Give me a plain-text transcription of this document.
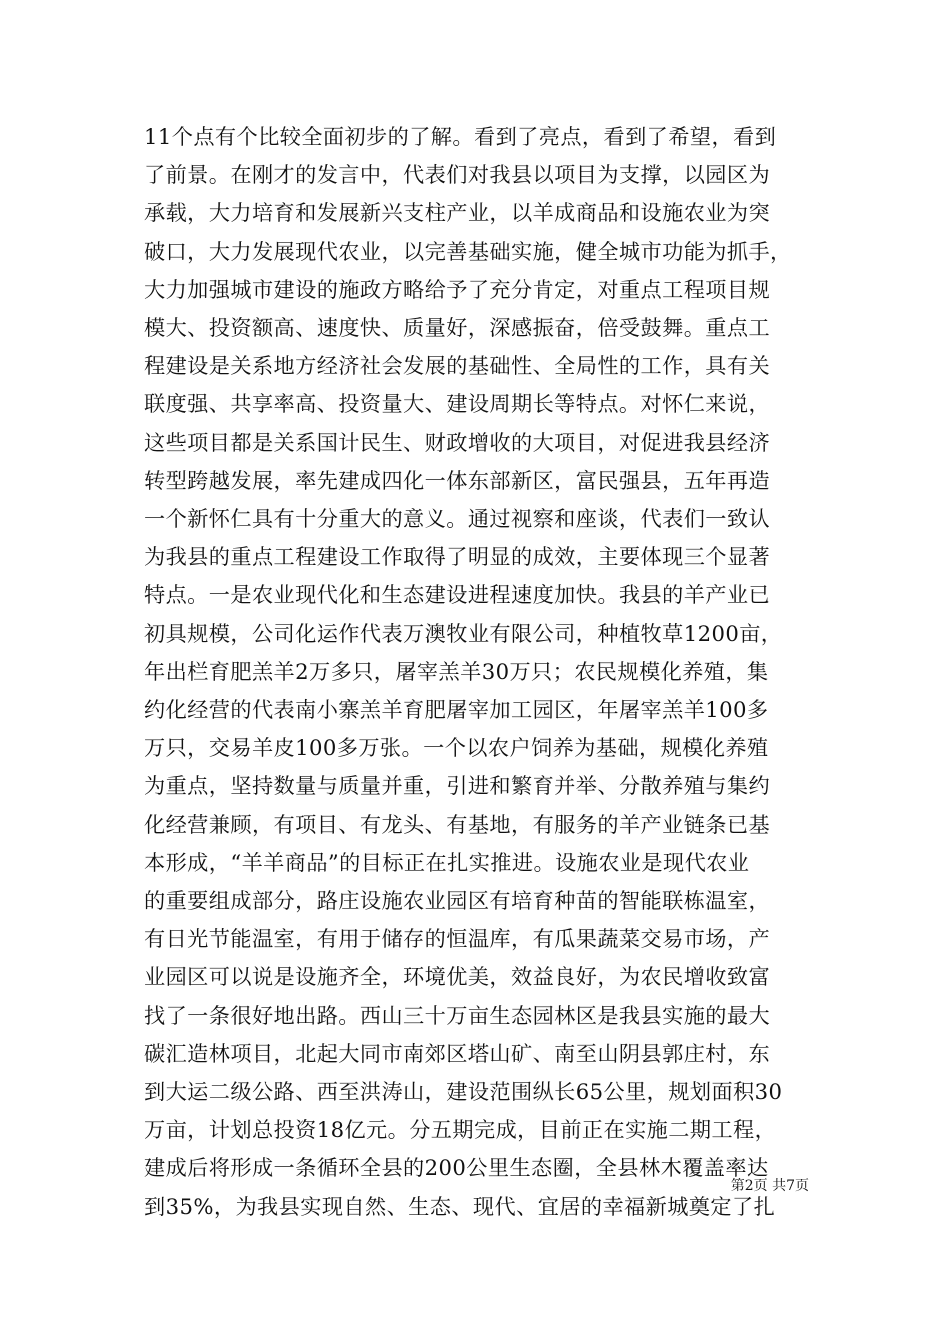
11个点有个比较全面初步的了解。看到了亮点，看到了希望，看到
了前景。在刚才的发言中，代表们对我县以项目为支撑，以园区为
承载，大力培育和发展新兴支柱产业，以羊成商品和设施农业为突
破口，大力发展现代农业，以完善基础实施，健全城市功能为抓手，
大力加强城市建设的施政方略给予了充分肯定，对重点工程项目规
模大、投资额高、速度快、质量好，深感振奋，倍受鼓舞。重点工
程建设是关系地方经济社会发展的基础性、全局性的工作，具有关
联度强、共享率高、投资量大、建设周期长等特点。对怀仁来说，
这些项目都是关系国计民生、财政增收的大项目，对促进我县经济
转型跨越发展，率先建成四化一体东部新区，富民强县，五年再造
一个新怀仁具有十分重大的意义。通过视察和座谈，代表们一致认
为我县的重点工程建设工作取得了明显的成效，主要体现三个显著
特点。一是农业现代化和生态建设进程速度加快。我县的羊产业已
初具规模，公司化运作代表万澳牧业有限公司，种植牧草1200亩，
年出栏育肥羔羊2万多只，屠宰羔羊30万只；农民规模化养殖，集
约化经营的代表南小寨羔羊育肥屠宰加工园区，年屠宰羔羊100多
万只，交易羊皮100多万张。一个以农户饲养为基础，规模化养殖
为重点，坚持数量与质量并重，引进和繁育并举、分散养殖与集约
化经营兼顾，有项目、有龙头、有基地，有服务的羊产业链条已基
本形成，“羊羊商品”的目标正在扎实推进。设施农业是现代农业
的重要组成部分，路庄设施农业园区有培育种苗的智能联栋温室，
有日光节能温室，有用于储存的恒温库，有瓜果蔬菜交易市场，产
业园区可以说是设施齐全，环境优美，效益良好，为农民增收致富
找了一条很好地出路。西山三十万亩生态园林区是我县实施的最大
碳汇造林项目，北起大同市南郊区塔山矿、南至山阴县郭庄村，东
到大运二级公路、西至洪涛山，建设范围纵长65公里，规划面积30
万亩，计划总投资18亿元。分五期完成，目前正在实施二期工程，
建成后将形成一条循环全县的200公里生态圈，全县林木覆盖率达
到35%，为我县实现自然、生态、现代、宜居的幸福新城奠定了扎
第2页 共7页
